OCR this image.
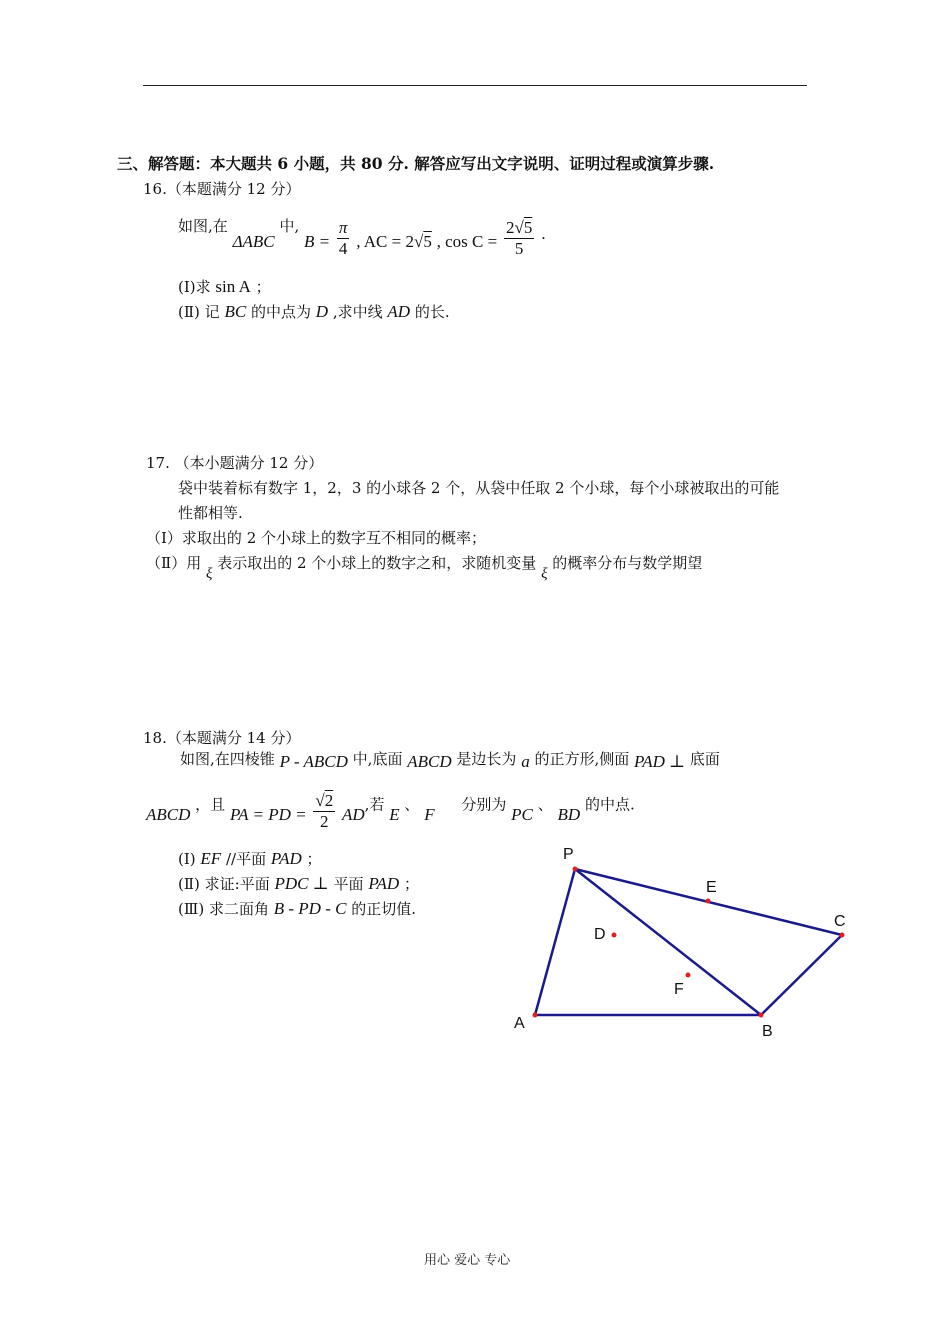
三、解答题：本大题共 6 小题，共 80 分. 解答应写出文字说明、证明过程或演算步骤.
16.（本题满分 12 分）
如图,在 ΔABC 中, $B = \frac{\pi}{4}$ , AC = 2√5 , $\cos C = \frac{2√5}{5}$ .
(Ⅰ)求 sin A ；
(Ⅱ) 记 BC 的中点为 D ,求中线 AD 的长.
17. （本小题满分 12 分）
袋中装着标有数字 1，2，3 的小球各 2 个，从袋中任取 2 个小球，每个小球被取出的可能
性都相等.
（Ⅰ）求取出的 2 个小球上的数字互不相同的概率；
（Ⅱ）用 ξ 表示取出的 2 个小球上的数字之和，求随机变量 ξ 的概率分布与数学期望
18.（本题满分 14 分）
如图,在四棱锥 P - ABCD 中,底面 ABCD 是边长为 a 的正方形,侧面 PAD ⊥ 底面
ABCD ，且 PA = PD = $\frac{√2}{2}$ AD,若 E 、 F 分别为 PC 、 BD 的中点.
(Ⅰ) EF //平面 PAD ；
(Ⅱ) 求证:平面 PDC ⊥ 平面 PAD ；
(Ⅲ) 求二面角 B - PD - C 的正切值.
P
E
C
D
F
A	B
用心 爱心 专心
